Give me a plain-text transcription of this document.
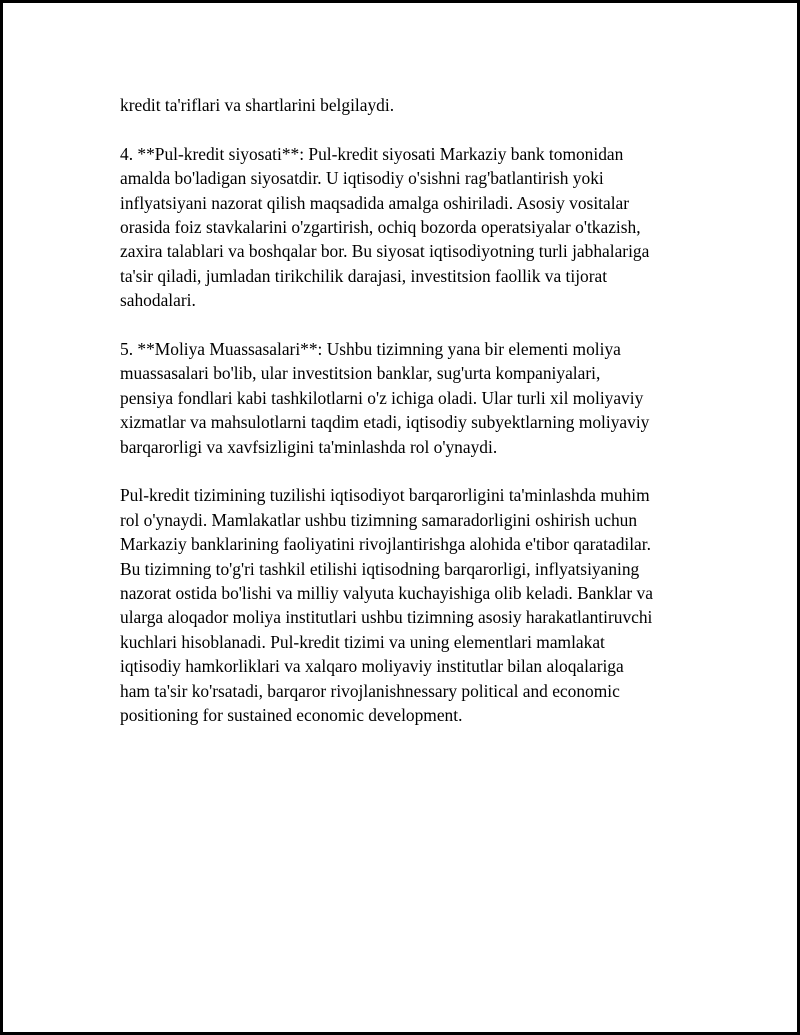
kredit ta'riflari va shartlarini belgilaydi.

4. **Pul-kredit siyosati**: Pul-kredit siyosati Markaziy bank tomonidan
amalda bo'ladigan siyosatdir. U iqtisodiy o'sishni rag'batlantirish yoki
inflyatsiyani nazorat qilish maqsadida amalga oshiriladi. Asosiy vositalar
orasida foiz stavkalarini o'zgartirish, ochiq bozorda operatsiyalar o'tkazish,
zaxira talablari va boshqalar bor. Bu siyosat iqtisodiyotning turli jabhalariga
ta'sir qiladi, jumladan tirikchilik darajasi, investitsion faollik va tijorat
sahodalari.

5. **Moliya Muassasalari**: Ushbu tizimning yana bir elementi moliya
muassasalari bo'lib, ular investitsion banklar, sug'urta kompaniyalari,
pensiya fondlari kabi tashkilotlarni o'z ichiga oladi. Ular turli xil moliyaviy
xizmatlar va mahsulotlarni taqdim etadi, iqtisodiy subyektlarning moliyaviy
barqarorligi va xavfsizligini ta'minlashda rol o'ynaydi.

Pul-kredit tizimining tuzilishi iqtisodiyot barqarorligini ta'minlashda muhim
rol o'ynaydi. Mamlakatlar ushbu tizimning samaradorligini oshirish uchun
Markaziy banklarining faoliyatini rivojlantirishga alohida e'tibor qaratadilar.
Bu tizimning to'g'ri tashkil etilishi iqtisodning barqarorligi, inflyatsiyaning
nazorat ostida bo'lishi va milliy valyuta kuchayishiga olib keladi. Banklar va
ularga aloqador moliya institutlari ushbu tizimning asosiy harakatlantiruvchi
kuchlari hisoblanadi. Pul-kredit tizimi va uning elementlari mamlakat
iqtisodiy hamkorliklari va xalqaro moliyaviy institutlar bilan aloqalariga
ham ta'sir ko'rsatadi, barqaror rivojlanishnessary political and economic
positioning for sustained economic development.
